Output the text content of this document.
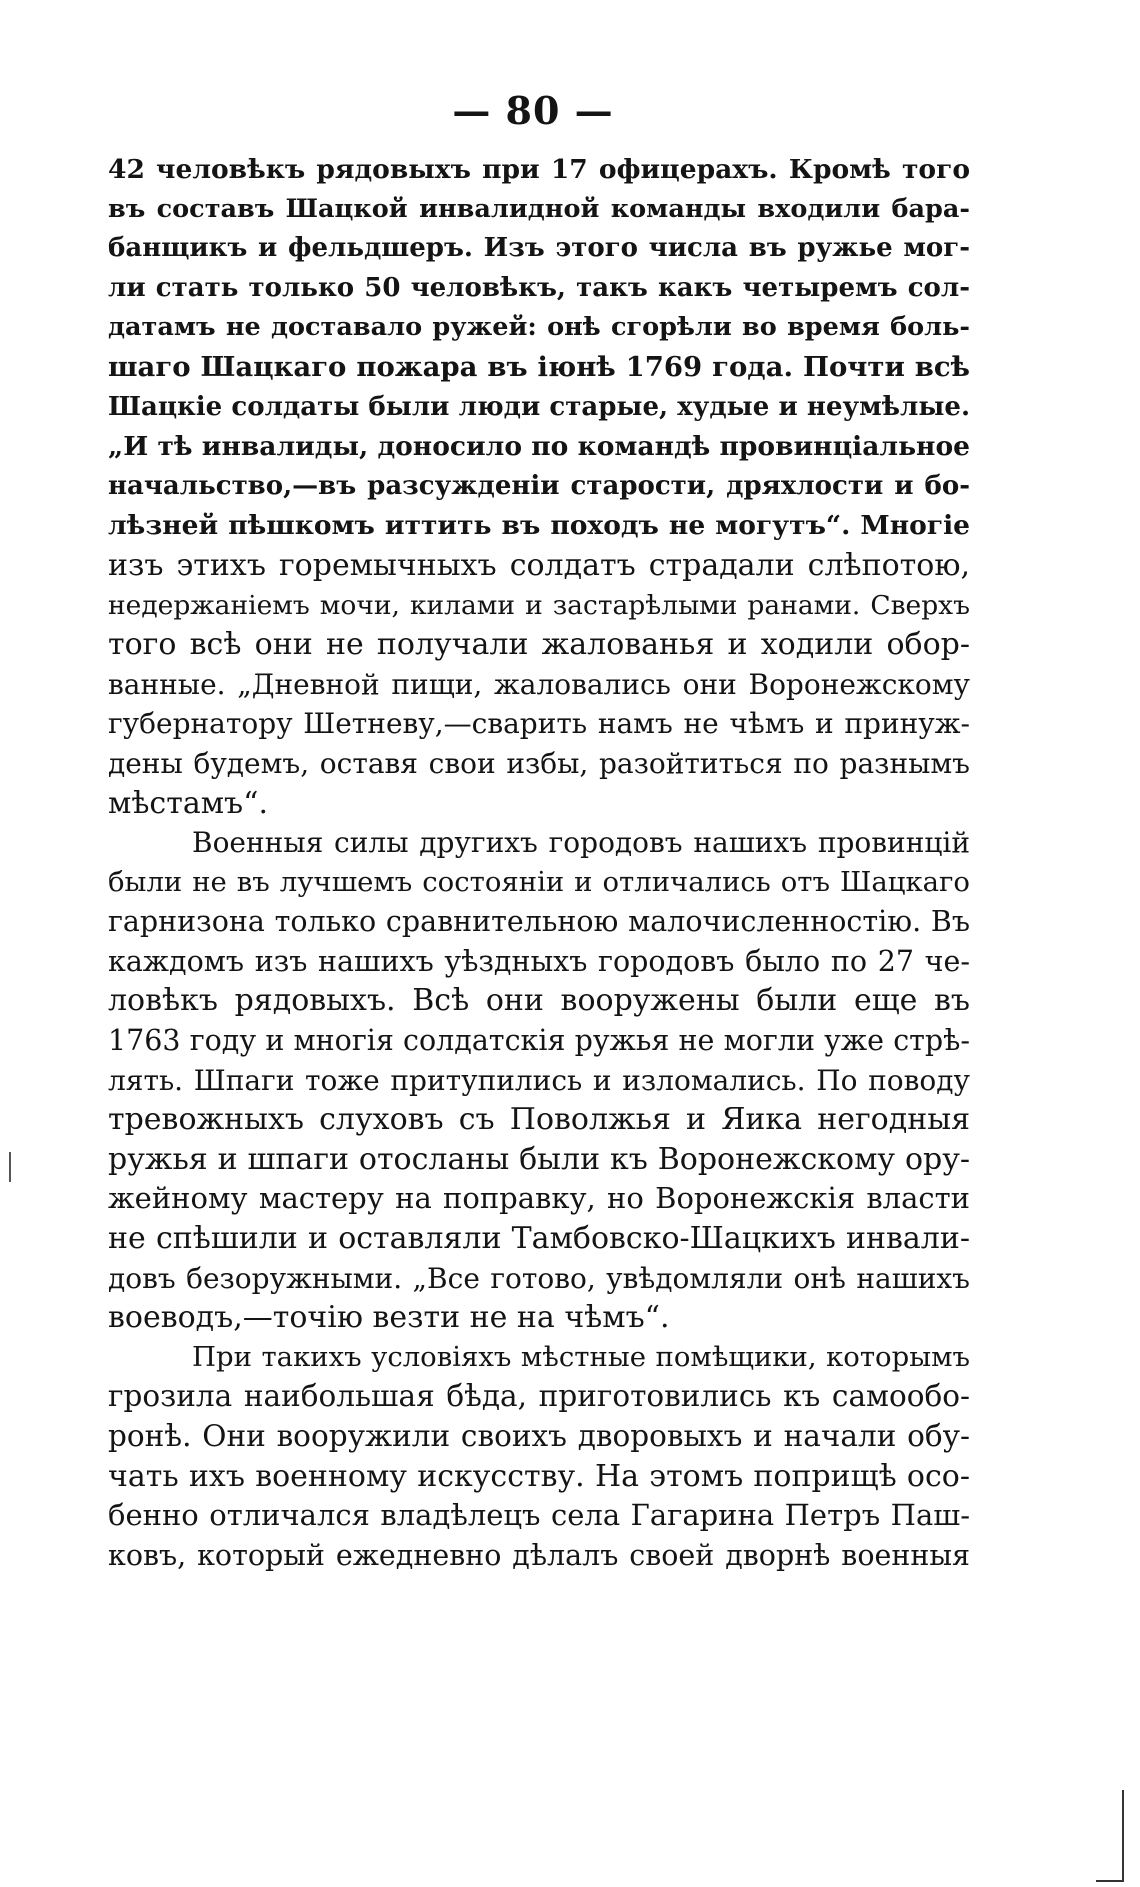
— 80 —
42 человѣкъ рядовыхъ при 17 офицерахъ. Кромѣ того
въ составъ Шацкой инвалидной команды входили бара-
банщикъ и фельдшеръ. Изъ этого числа въ ружье мог-
ли стать только 50 человѣкъ, такъ какъ четыремъ сол-
датамъ не доставало ружей: онѣ сгорѣли во время боль-
шаго Шацкаго пожара въ iюнѣ 1769 года. Почти всѣ
Шацкiе солдаты были люди старые, худые и неумѣлые.
„И тѣ инвалиды, доносило по командѣ провинцiальное
начальство,—въ разсужденiи старости, дряхлости и бо-
лѣзней пѣшкомъ иттить въ походъ не могутъ“. Многiе
изъ этихъ горемычныхъ солдатъ страдали слѣпотою,
недержанiемъ мочи, килами и застарѣлыми ранами. Сверхъ
того всѣ они не получали жалованья и ходили обор-
ванные. „Дневной пищи, жаловались они Воронежскому
губернатору Шетневу,—сварить намъ не чѣмъ и принуж-
дены будемъ, оставя свои избы, разойтиться по разнымъ
мѣстамъ“.
Военныя силы другихъ городовъ нашихъ провинцiй
были не въ лучшемъ состоянiи и отличались отъ Шацкаго
гарнизона только сравнительною малочисленностiю. Въ
каждомъ изъ нашихъ уѣздныхъ городовъ было по 27 че-
ловѣкъ рядовыхъ. Всѣ они вооружены были еще въ
1763 году и многiя солдатскiя ружья не могли уже стрѣ-
лять. Шпаги тоже притупились и изломались. По поводу
тревожныхъ слуховъ съ Поволжья и Яика негодныя
ружья и шпаги отосланы были къ Воронежскому ору-
жейному мастеру на поправку, но Воронежскiя власти
не спѣшили и оставляли Тамбовско-Шацкихъ инвали-
довъ безоружными. „Все готово, увѣдомляли онѣ нашихъ
воеводъ,—точiю везти не на чѣмъ“.
При такихъ условiяхъ мѣстные помѣщики, которымъ
грозила наибольшая бѣда, приготовились къ самообо-
ронѣ. Они вооружили своихъ дворовыхъ и начали обу-
чать ихъ военному искусству. На этомъ поприщѣ осо-
бенно отличался владѣлецъ села Гагарина Петръ Паш-
ковъ, который ежедневно дѣлалъ своей дворнѣ военныя
